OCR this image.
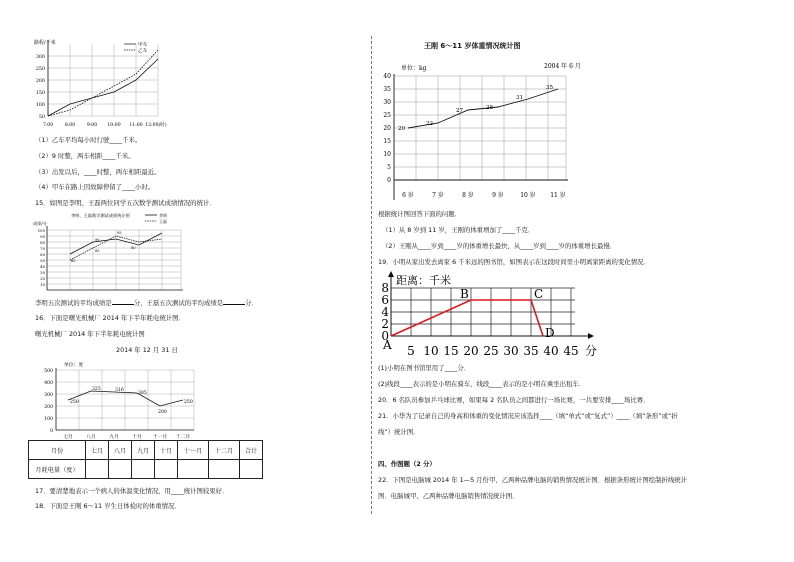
路程/千米
300
250
200
150
100
50
7:00	8:00	9:00 10:00 11:00 12:00(时)
甲车
乙车
（1）乙车平均每小时行驶____千米。
（2）9 时整，两车相距____千米。
（3）出发以后，____时整，两车相距最近。
（4）甲车在路上因故障停留了____小时。
15．如图是李明、王磊两位同学五次数学测试成绩情况的统计．
李明、王磊数学测试成绩统计图
成绩/分
李明
王磊
100
90
80
70
60
50
40
30
20
10
90
95
85
80
60
李明五次测试的平均成绩是	分，王磊五次测试的平均成绩是	分．
16．下面是曙光机械厂 2014 年下半年耗电统计图．
曙光机械厂 2014 年下半年耗电统计图
2014 年 12 月 31 日
单位：度
500
400
300
200
100
0
七月	八月	九月	十月 十一月 十二月
250
325	316
305
200
250
月份	七月	八月	九月	十月	十一月	十二月	合计
月耗电量（度）							
17．要清楚地表示一个病人的体温变化情况，用____统计图较果好．
18．下面是王刚 6～11 岁生日体检时的体重情况．
王刚 6～11 岁体重情况统计图
单位：kg	2004 年 6 月
40
35
30
25
20
15
10
5
0
6 岁	7 岁	8 岁	9 岁	10 岁 11 岁
20
22
27	28
31
35
根据统计图回答下面的问题．
（1）从 8 岁到 11 岁，王刚的体重增加了____千克．
（2）王刚从____岁到____岁的体重增长最快，从____岁到____岁的体重增长最慢．
19．小明从家出发去离家 6 千米远的图书馆，如图表示在这段时间里小明离家距离的变化情况．
距离：千米
8
6
4
2
0
5 10 15 20 25 30 35 40 45 分
A
B	C
D
(1)小明在图书馆里用了____分．
(2)线段____表示的是小明在骑车，线段____表示的是小明在乘坐出租车．
20．6 名队员参加乒乓球比赛，如果每 2 名队员之间都进行一场比赛，一共要安排____场比赛．
21．小华为了记录自己的身高和体重的变化情况应该选择____（填“单式”或“复式”）____（填“条形”或“折
线”）统计图．
四、作图题（2 分）
22．下图是电脑城 2014 年 1—5 月份甲、乙两种品牌电脑的销售情况统计图．根据条形统计图绘制折线统计
图．电脑城甲、乙两种品牌电脑销售情况统计图．
